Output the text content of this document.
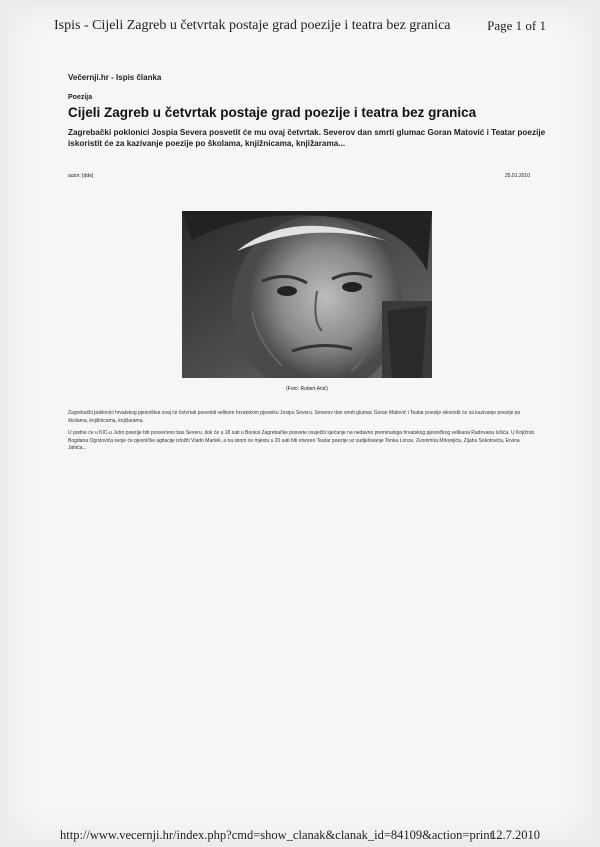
Ispis - Cijeli Zagreb u četvrtak postaje grad poezije i teatra bez granica	Page 1 of 1
Večernji.hr - Ispis članka
Poezija
Cijeli Zagreb u četvrtak postaje grad poezije i teatra bez granica
Zagrebački poklonici Jospia Severa posvetit će mu ovaj četvrtak. Severov dan smrti glumac Goran Matović i Teatar poezije iskoristit će za kazivanje poezije po školama, knjižnicama, knjižarama...
autor: [dde]	25.01.2010
(Foto: Robert Anić)
Zagrebački poklonici hrvatskog pjesništva ovaj će četvrtak posvetiti velikom hrvatskom pjesniku Josipu Severu. Severov dan smrti glumac Goran Matović i Teatar poezije iskoristit će za kazivanje poezije po školama, knjižnicama, knjižarama.
U podne će u KIC-u Jutro poezije biti posvećeno bas Severu, dok će u 18 sati u Booksi Zagrebačke posvete osvježiti sjećanje na nedavno preminuloga hrvatskog pjesničkog velikana Radovana Ivšića. U Knjižnici Bogdana Ogrizovića svoje će pjesničke agitacije izložiti Vlado Martek, a na istom će mjestu u 20 sati biti otvoren Teatar poezije uz sudjelovanje Tonka Lonze, Zvonimira Mrkonjića, Zijaha Sokolovića, Ervina Jahića...
http://www.vecernji.hr/index.php?cmd=show_clanak&clanak_id=84109&action=print...
12.7.2010
